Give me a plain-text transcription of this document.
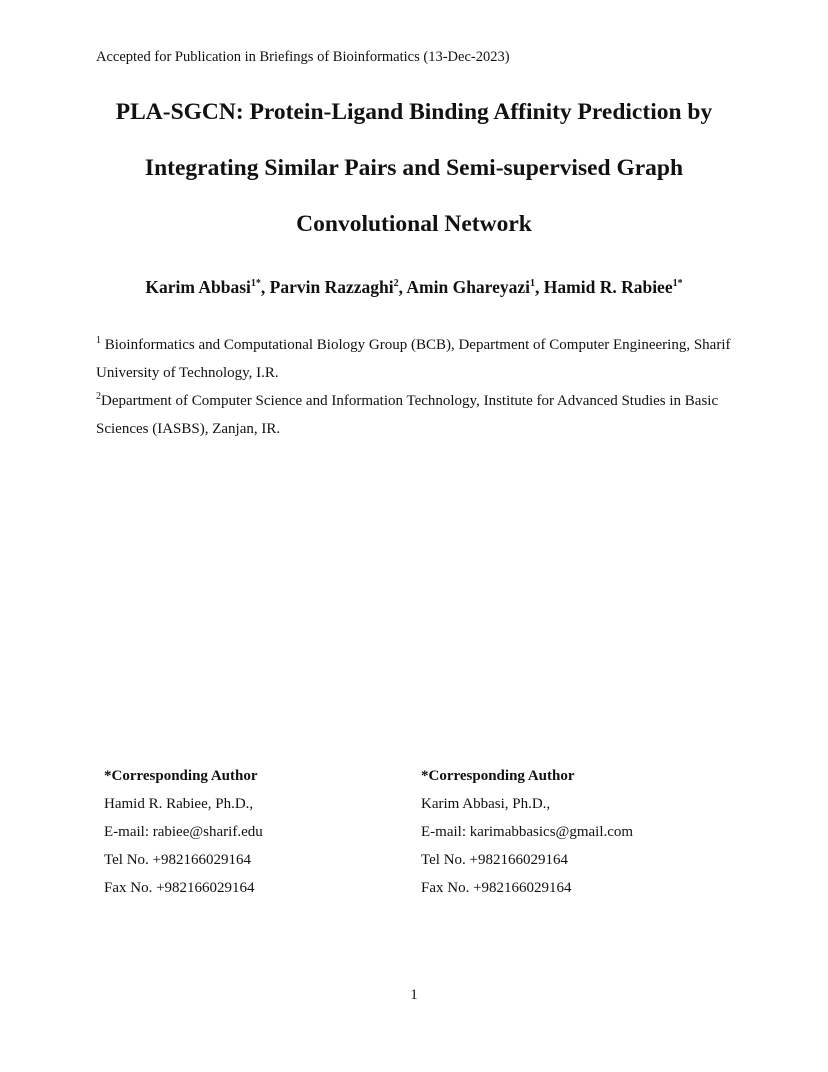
Accepted for Publication in Briefings of Bioinformatics (13-Dec-2023)
PLA-SGCN: Protein-Ligand Binding Affinity Prediction by
Integrating Similar Pairs and Semi-supervised Graph
Convolutional Network
Karim Abbasi$^{1*}$, Parvin Razzaghi$^2$, Amin Ghareyazi$^1$, Hamid R. Rabiee$^{1*}$
$^1$ Bioinformatics and Computational Biology Group (BCB), Department of Computer Engineering, Sharif University of Technology, I.R.
$^2$Department of Computer Science and Information Technology, Institute for Advanced Studies in Basic Sciences (IASBS), Zanjan, IR.
*Corresponding Author
Hamid R. Rabiee, Ph.D.,
E-mail: rabiee@sharif.edu
Tel No. +982166029164
Fax No. +982166029164
*Corresponding Author
Karim Abbasi, Ph.D.,
E-mail: karimabbasics@gmail.com
Tel No. +982166029164
Fax No. +982166029164
1
